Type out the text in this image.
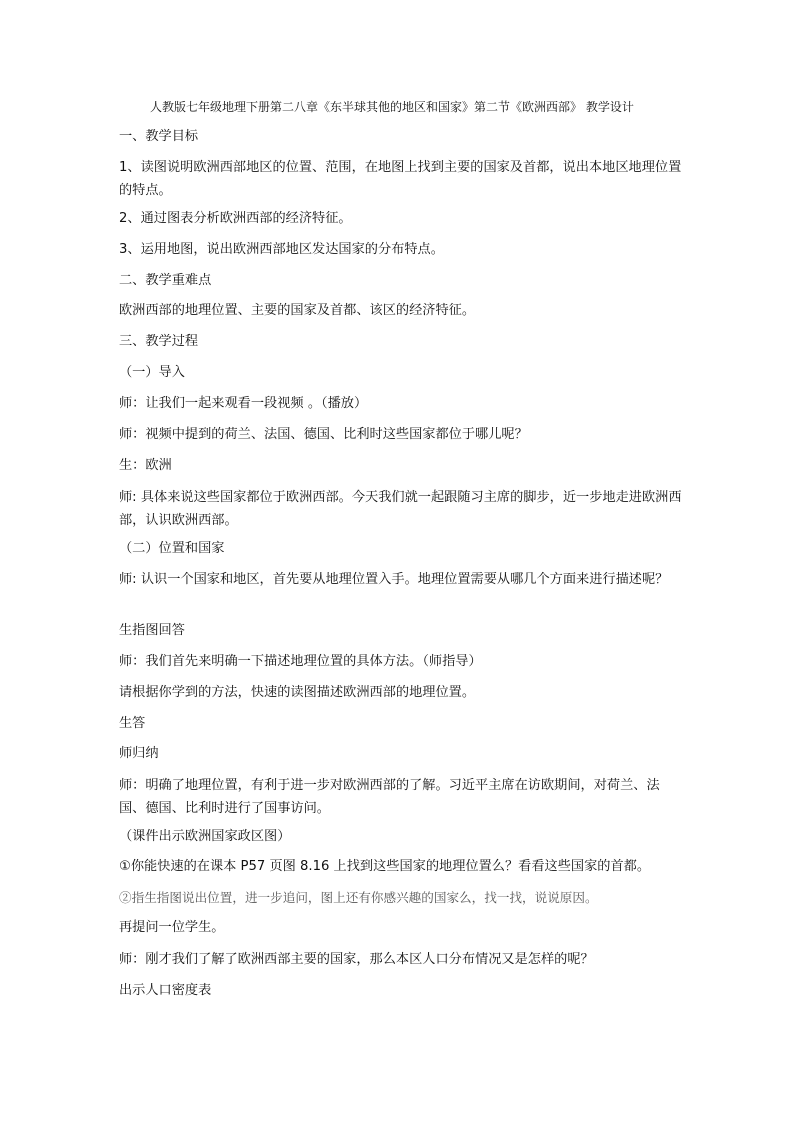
人教版七年级地理下册第二八章《东半球其他的地区和国家》第二节《欧洲西部》 教学设计
一、教学目标
1、读图说明欧洲西部地区的位置、范围，在地图上找到主要的国家及首都，说出本地区地理位置的特点。
2、通过图表分析欧洲西部的经济特征。
3、运用地图，说出欧洲西部地区发达国家的分布特点。
二、教学重难点
欧洲西部的地理位置、主要的国家及首都、该区的经济特征。
三、教学过程
（一）导入
师：让我们一起来观看一段视频 。（播放）
师：视频中提到的荷兰、法国、德国、比利时这些国家都位于哪儿呢？
生：欧洲
师: 具体来说这些国家都位于欧洲西部。今天我们就一起跟随习主席的脚步，近一步地走进欧洲西部，认识欧洲西部。
（二）位置和国家
师: 认识一个国家和地区，首先要从地理位置入手。地理位置需要从哪几个方面来进行描述呢？
生指图回答
师：我们首先来明确一下描述地理位置的具体方法。（师指导）
请根据你学到的方法，快速的读图描述欧洲西部的地理位置。
生答
师归纳
师：明确了地理位置，有利于进一步对欧洲西部的了解。习近平主席在访欧期间，对荷兰、法国、德国、比利时进行了国事访问。
（课件出示欧洲国家政区图）
①你能快速的在课本 P57 页图 8.16 上找到这些国家的地理位置么？看看这些国家的首都。
②指生指图说出位置，进一步追问，图上还有你感兴趣的国家么，找一找，说说原因。
再提问一位学生。
师：刚才我们了解了欧洲西部主要的国家，那么本区人口分布情况又是怎样的呢？
出示人口密度表
